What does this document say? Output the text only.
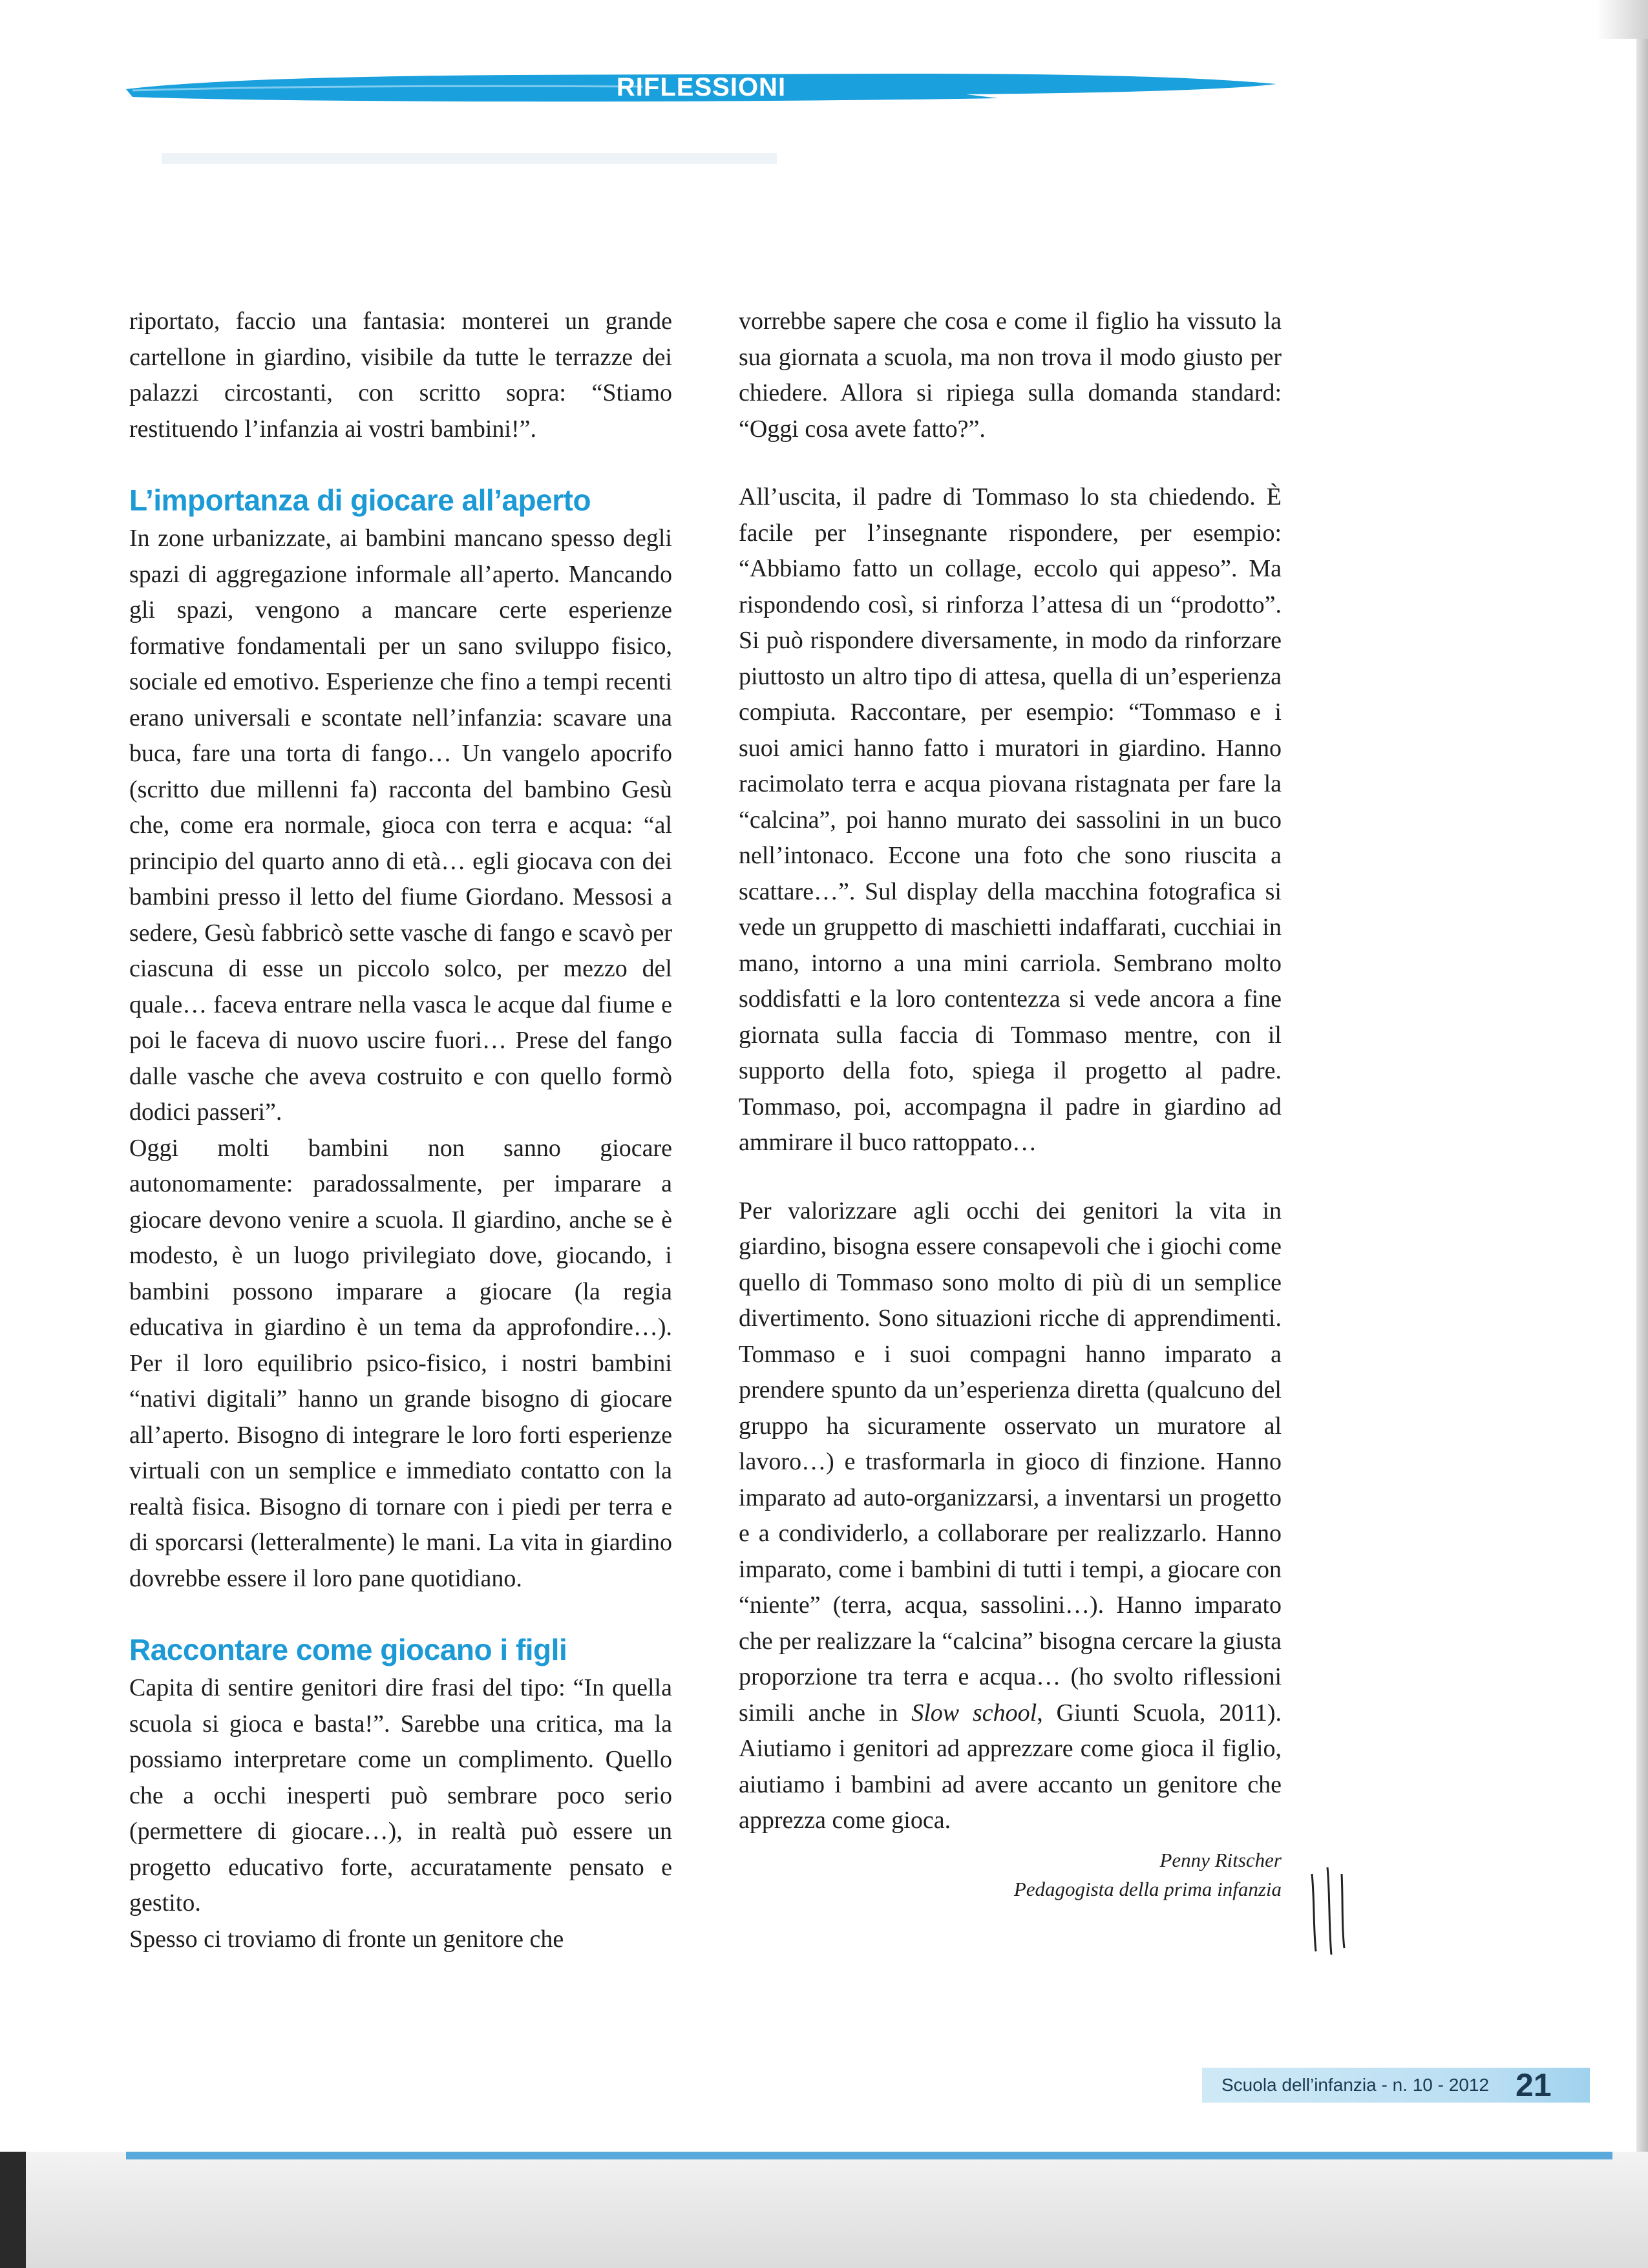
RIFLESSIONI
▬▬▬▬▬▬▬▬▬▬▬▬▬▬▬▬▬

riportato, faccio una fantasia: monterei un grande cartellone in giardino, visibile da tutte le terrazze dei palazzi circostanti, con scritto sopra: “Stiamo restituendo l’infanzia ai vostri bambini!”.

L’importanza di giocare all’aperto

In zone urbanizzate, ai bambini mancano spesso degli spazi di aggregazione informale all’aperto. Mancando gli spazi, vengono a mancare certe esperienze formative fondamentali per un sano sviluppo fisico, sociale ed emotivo. Esperienze che fino a tempi recenti erano universali e scontate nell’infanzia: scavare una buca, fare una torta di fango… Un vangelo apocrifo (scritto due millenni fa) racconta del bambino Gesù che, come era normale, gioca con terra e acqua: “al principio del quarto anno di età… egli giocava con dei bambini presso il letto del fiume Giordano. Messosi a sedere, Gesù fabbricò sette vasche di fango e scavò per ciascuna di esse un piccolo solco, per mezzo del quale… faceva entrare nella vasca le acque dal fiume e poi le faceva di nuovo uscire fuori… Prese del fango dalle vasche che aveva costruito e con quello formò dodici passeri”.

Oggi molti bambini non sanno giocare autonomamente: paradossalmente, per imparare a giocare devono venire a scuola. Il giardino, anche se è modesto, è un luogo privilegiato dove, giocando, i bambini possono imparare a giocare (la regia educativa in giardino è un tema da approfondire…). Per il loro equilibrio psico-fisico, i nostri bambini “nativi digitali” hanno un grande bisogno di giocare all’aperto. Bisogno di integrare le loro forti esperienze virtuali con un semplice e immediato contatto con la realtà fisica. Bisogno di tornare con i piedi per terra e di sporcarsi (letteralmente) le mani. La vita in giardino dovrebbe essere il loro pane quotidiano.

Raccontare come giocano i figli

Capita di sentire genitori dire frasi del tipo: “In quella scuola si gioca e basta!”. Sarebbe una critica, ma la possiamo interpretare come un complimento. Quello che a occhi inesperti può sembrare poco serio (permettere di giocare…), in realtà può essere un progetto educativo forte, accuratamente pensato e gestito.

Spesso ci troviamo di fronte un genitore che

vorrebbe sapere che cosa e come il figlio ha vissuto la sua giornata a scuola, ma non trova il modo giusto per chiedere. Allora si ripiega sulla domanda standard: “Oggi cosa avete fatto?”.

All’uscita, il padre di Tommaso lo sta chiedendo. È facile per l’insegnante rispondere, per esempio: “Abbiamo fatto un collage, eccolo qui appeso”. Ma rispondendo così, si rinforza l’attesa di un “prodotto”. Si può rispondere diversamente, in modo da rinforzare piuttosto un altro tipo di attesa, quella di un’esperienza compiuta. Raccontare, per esempio: “Tommaso e i suoi amici hanno fatto i muratori in giardino. Hanno racimolato terra e acqua piovana ristagnata per fare la “calcina”, poi hanno murato dei sassolini in un buco nell’intonaco. Eccone una foto che sono riuscita a scattare…”. Sul display della macchina fotografica si vede un gruppetto di maschietti indaffarati, cucchiai in mano, intorno a una mini carriola. Sembrano molto soddisfatti e la loro contentezza si vede ancora a fine giornata sulla faccia di Tommaso mentre, con il supporto della foto, spiega il progetto al padre. Tommaso, poi, accompagna il padre in giardino ad ammirare il buco rattoppato…

Per valorizzare agli occhi dei genitori la vita in giardino, bisogna essere consapevoli che i giochi come quello di Tommaso sono molto di più di un semplice divertimento. Sono situazioni ricche di apprendimenti. Tommaso e i suoi compagni hanno imparato a prendere spunto da un’esperienza diretta (qualcuno del gruppo ha sicuramente osservato un muratore al lavoro…) e trasformarla in gioco di finzione. Hanno imparato ad auto-organizzarsi, a inventarsi un progetto e a condividerlo, a collaborare per realizzarlo. Hanno imparato, come i bambini di tutti i tempi, a giocare con “niente” (terra, acqua, sassolini…). Hanno imparato che per realizzare la “calcina” bisogna cercare la giusta proporzione tra terra e acqua… (ho svolto riflessioni simili anche in Slow school, Giunti Scuola, 2011). Aiutiamo i genitori ad apprezzare come gioca il figlio, aiutiamo i bambini ad avere accanto un genitore che apprezza come gioca.

Penny Ritscher
Pedagogista della prima infanzia
Scuola dell’infanzia - n. 10 - 2012 21
